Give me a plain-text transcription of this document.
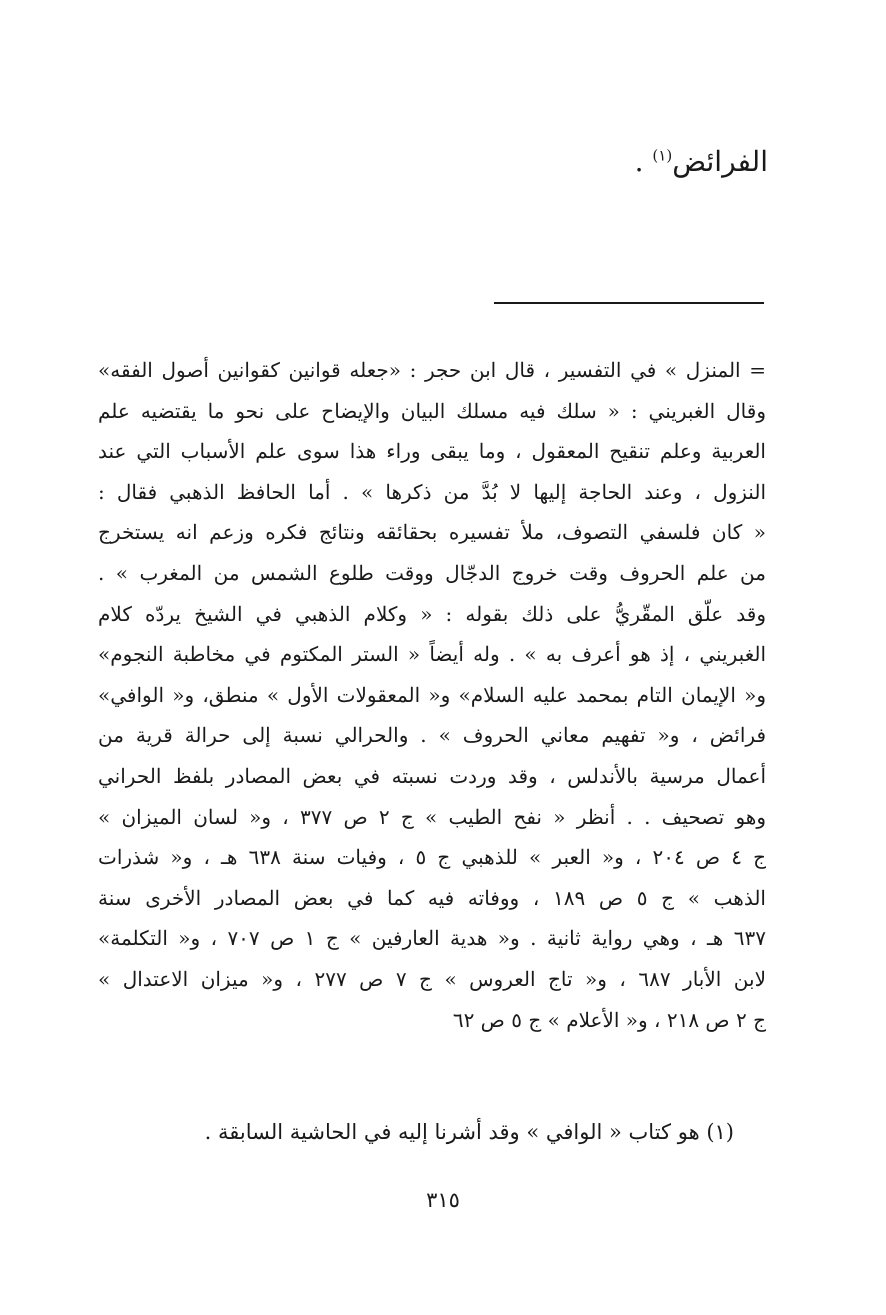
الفرائض$^{(١)}$ .
= المنزل » في التفسير ، قال ابن حجر : «جعله قوانين كقوانين أصول الفقه»
وقال الغبريني : « سلك فيه مسلك البيان والإيضاح على نحو ما يقتضيه علم
العربية وعلم تنقيح المعقول ، وما يبقى وراء هذا سوى علم الأسباب التي عند
النزول ، وعند الحاجة إليها لا بُدَّ من ذكرها » . أما الحافظ الذهبي فقال :
« كان فلسفي التصوف، ملأ تفسيره بحقائقه ونتائج فكره وزعم انه يستخرج
من علم الحروف وقت خروج الدجّال ووقت طلوع الشمس من المغرب » .
وقد علّق المقّريُّ على ذلك بقوله : « وكلام الذهبي في الشيخ يردّه كلام
الغبريني ، إذ هو أعرف به » . وله أيضاً « الستر المكتوم في مخاطبة النجوم»
و« الإيمان التام بمحمد عليه السلام» و« المعقولات الأول » منطق، و« الوافي»
فرائض ، و« تفهيم معاني الحروف » . والحرالي نسبة إلى حرالة قرية من
أعمال مرسية بالأندلس ، وقد وردت نسبته في بعض المصادر بلفظ الحراني
وهو تصحيف . . أنظر « نفح الطيب » ج ٢ ص ٣٧٧ ، و« لسان الميزان »
ج ٤ ص ٢٠٤ ، و« العبر » للذهبي ج ٥ ، وفيات سنة ٦٣٨ هـ ، و« شذرات
الذهب » ج ٥ ص ١٨٩ ، ووفاته فيه كما في بعض المصادر الأخرى سنة
٦٣٧ هـ ، وهي رواية ثانية . و« هدية العارفين » ج ١ ص ٧٠٧ ، و« التكلمة»
لابن الأبار ٦٨٧ ، و« تاج العروس » ج ٧ ص ٢٧٧ ، و« ميزان الاعتدال »
ج ٢ ص ٢١٨ ، و« الأعلام » ج ٥ ص ٦٢
(١) هو كتاب « الوافي » وقد أشرنا إليه في الحاشية السابقة .
٣١٥
